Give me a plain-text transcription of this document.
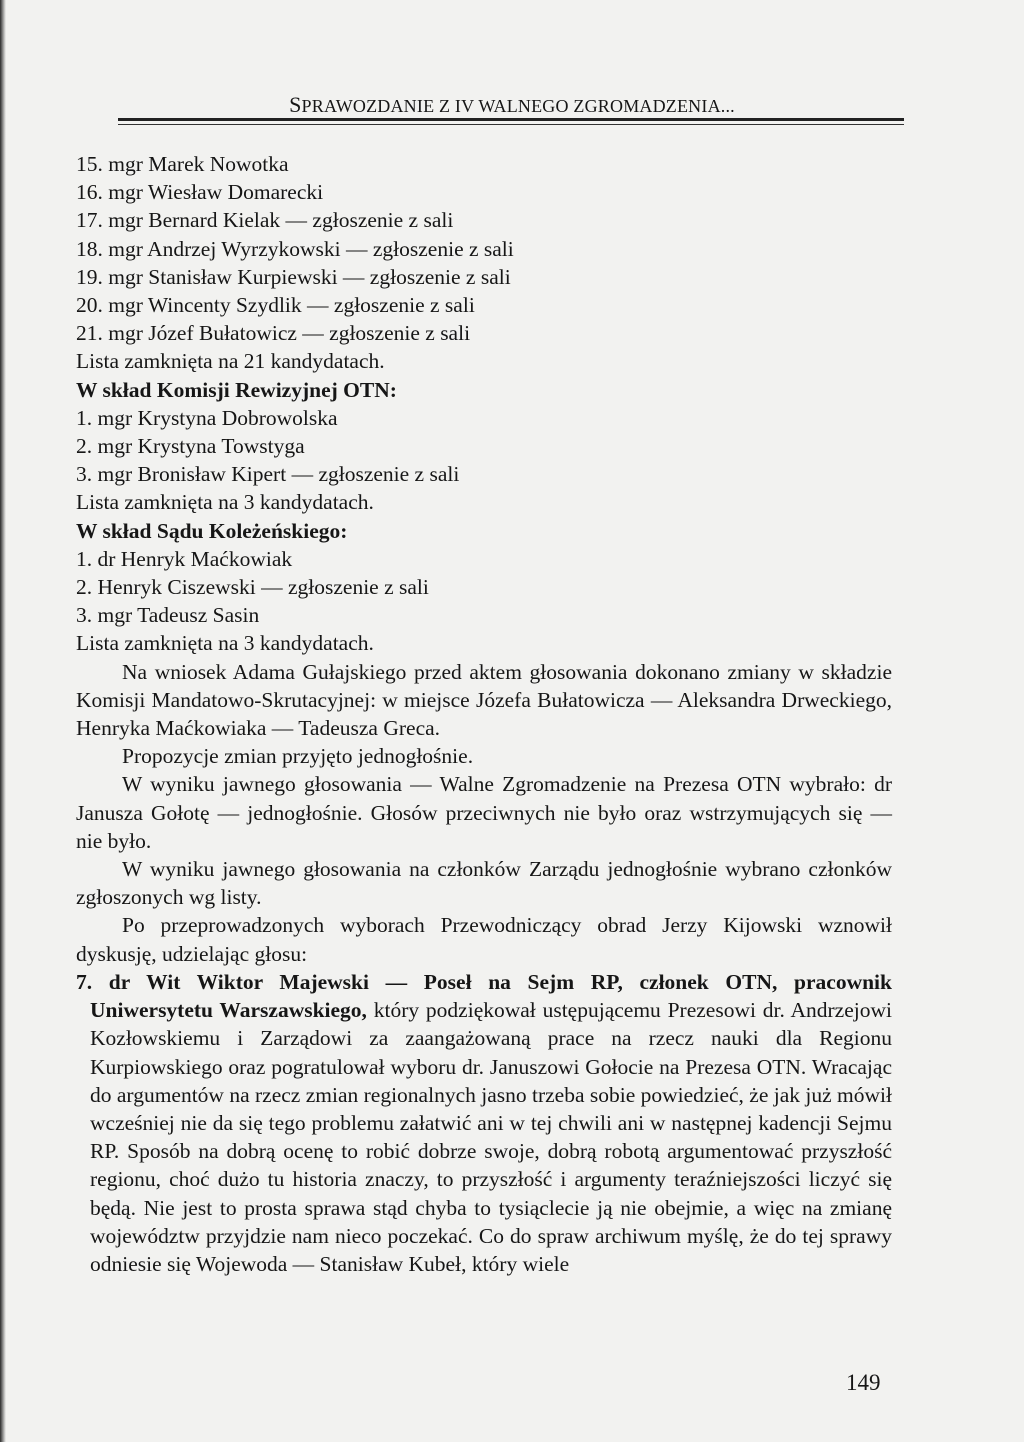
SPRAWOZDANIE Z IV WALNEGO ZGROMADZENIA...
15. mgr Marek Nowotka
16. mgr Wiesław Domarecki
17. mgr Bernard Kielak — zgłoszenie z sali
18. mgr Andrzej Wyrzykowski — zgłoszenie z sali
19. mgr Stanisław Kurpiewski — zgłoszenie z sali
20. mgr Wincenty Szydlik — zgłoszenie z sali
21. mgr Józef Bułatowicz — zgłoszenie z sali
Lista zamknięta na 21 kandydatach.
W skład Komisji Rewizyjnej OTN:
1. mgr Krystyna Dobrowolska
2. mgr Krystyna Towstyga
3. mgr Bronisław Kipert — zgłoszenie z sali
Lista zamknięta na 3 kandydatach.
W skład Sądu Koleżeńskiego:
1. dr Henryk Maćkowiak
2. Henryk Ciszewski — zgłoszenie z sali
3. mgr Tadeusz Sasin
Lista zamknięta na 3 kandydatach.
Na wniosek Adama Gułajskiego przed aktem głosowania dokonano zmiany w składzie Komisji Mandatowo-Skrutacyjnej: w miejsce Józefa Bułatowicza — Aleksandra Drweckiego, Henryka Maćkowiaka — Tadeusza Greca.
Propozycje zmian przyjęto jednogłośnie.
W wyniku jawnego głosowania — Walne Zgromadzenie na Prezesa OTN wybrało: dr Janusza Gołotę — jednogłośnie. Głosów przeciwnych nie było oraz wstrzymujących się — nie było.
W wyniku jawnego głosowania na członków Zarządu jednogłośnie wybrano członków zgłoszonych wg listy.
Po przeprowadzonych wyborach Przewodniczący obrad Jerzy Kijowski wznowił dyskusję, udzielając głosu:
7. dr Wit Wiktor Majewski — Poseł na Sejm RP, członek OTN, pracownik
Uniwersytetu Warszawskiego, który podziękował ustępującemu Prezesowi dr. Andrzejowi Kozłowskiemu i Zarządowi za zaangażowaną prace na rzecz nauki dla Regionu Kurpiowskiego oraz pogratulował wyboru dr. Januszowi Gołocie na Prezesa OTN. Wracając do argumentów na rzecz zmian regionalnych jasno trzeba sobie powiedzieć, że jak już mówił wcześniej nie da się tego problemu załatwić ani w tej chwili ani w następnej kadencji Sejmu RP. Sposób na dobrą ocenę to robić dobrze swoje, dobrą robotą argumentować przyszłość regionu, choć dużo tu historia znaczy, to przyszłość i argumenty teraźniejszości liczyć się będą. Nie jest to prosta sprawa stąd chyba to tysiąclecie ją nie obejmie, a więc na zmianę województw przyjdzie nam nieco poczekać. Co do spraw archiwum myślę, że do tej sprawy odniesie się Wojewoda — Stanisław Kubeł, który wiele
149
